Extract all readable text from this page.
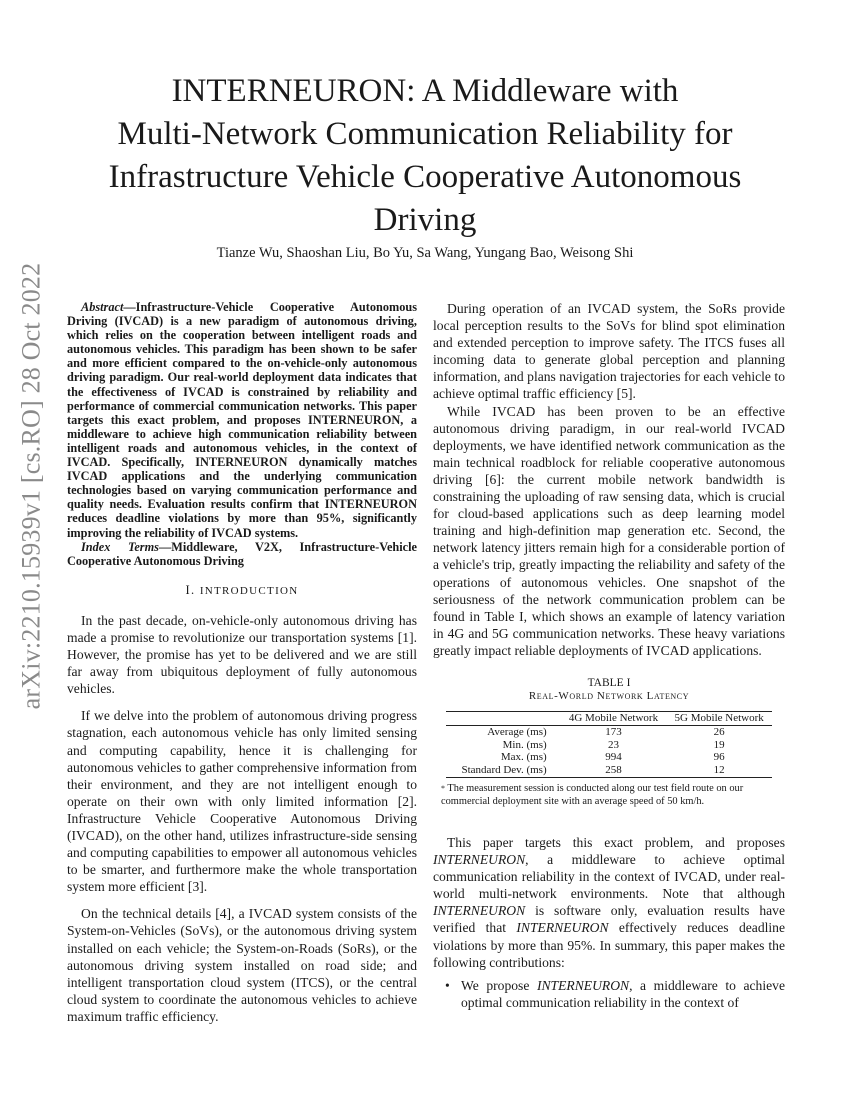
arXiv:2210.15939v1 [cs.RO] 28 Oct 2022
INTERNEURON: A Middleware with
Multi-Network Communication Reliability for
Infrastructure Vehicle Cooperative Autonomous
Driving
Tianze Wu, Shaoshan Liu, Bo Yu, Sa Wang, Yungang Bao, Weisong Shi

Abstract—Infrastructure-Vehicle Cooperative Autonomous Driving (IVCAD) is a new paradigm of autonomous driving, which relies on the cooperation between intelligent roads and autonomous vehicles. This paradigm has been shown to be safer and more efficient compared to the on-vehicle-only autonomous driving paradigm. Our real-world deployment data indicates that the effectiveness of IVCAD is constrained by reliability and performance of commercial communication networks. This paper targets this exact problem, and proposes INTERNEURON, a middleware to achieve high communication reliability between intelligent roads and autonomous vehicles, in the context of IVCAD. Specifically, INTERNEURON dynamically matches IVCAD applications and the underlying communication technologies based on varying communication performance and quality needs. Evaluation results confirm that INTERNEURON reduces deadline violations by more than 95%, significantly improving the reliability of IVCAD systems.

Index Terms—Middleware, V2X, Infrastructure-Vehicle Cooperative Autonomous Driving

I. INTRODUCTION

In the past decade, on-vehicle-only autonomous driving has made a promise to revolutionize our transportation systems [1]. However, the promise has yet to be delivered and we are still far away from ubiquitous deployment of fully autonomous vehicles.

If we delve into the problem of autonomous driving progress stagnation, each autonomous vehicle has only limited sensing and computing capability, hence it is challenging for autonomous vehicles to gather comprehensive information from their environment, and they are not intelligent enough to operate on their own with only limited information [2]. Infrastructure Vehicle Cooperative Autonomous Driving (IVCAD), on the other hand, utilizes infrastructure-side sensing and computing capabilities to empower all autonomous vehicles to be smarter, and furthermore make the whole transportation system more efficient [3].

On the technical details [4], a IVCAD system consists of the System-on-Vehicles (SoVs), or the autonomous driving system installed on each vehicle; the System-on-Roads (SoRs), or the autonomous driving system installed on road side; and intelligent transportation cloud system (ITCS), or the central cloud system to coordinate the autonomous vehicles to achieve maximum traffic efficiency.

During operation of an IVCAD system, the SoRs provide local perception results to the SoVs for blind spot elimination and extended perception to improve safety. The ITCS fuses all incoming data to generate global perception and planning information, and plans navigation trajectories for each vehicle to achieve optimal traffic efficiency [5].

While IVCAD has been proven to be an effective autonomous driving paradigm, in our real-world IVCAD deployments, we have identified network communication as the main technical roadblock for reliable cooperative autonomous driving [6]: the current mobile network bandwidth is constraining the uploading of raw sensing data, which is crucial for cloud-based applications such as deep learning model training and high-definition map generation etc. Second, the network latency jitters remain high for a considerable portion of a vehicle's trip, greatly impacting the reliability and safety of the operations of autonomous vehicles. One snapshot of the seriousness of the network communication problem can be found in Table I, which shows an example of latency variation in 4G and 5G communication networks. These heavy variations greatly impact reliable deployments of IVCAD applications.

TABLE I
Real-World Network Latency
	4G Mobile Network	5G Mobile Network
Average (ms)	173	26
Min. (ms)	23	19
Max. (ms)	994	96
Standard Dev. (ms)	258	12
* The measurement session is conducted along our test field route on our commercial deployment site with an average speed of 50 km/h.

This paper targets this exact problem, and proposes INTERNEURON, a middleware to achieve optimal communication reliability in the context of IVCAD, under real-world multi-network environments. Note that although INTERNEURON is software only, evaluation results have verified that INTERNEURON effectively reduces deadline violations by more than 95%. In summary, this paper makes the following contributions:

• We propose INTERNEURON, a middleware to achieve optimal communication reliability in the context of
